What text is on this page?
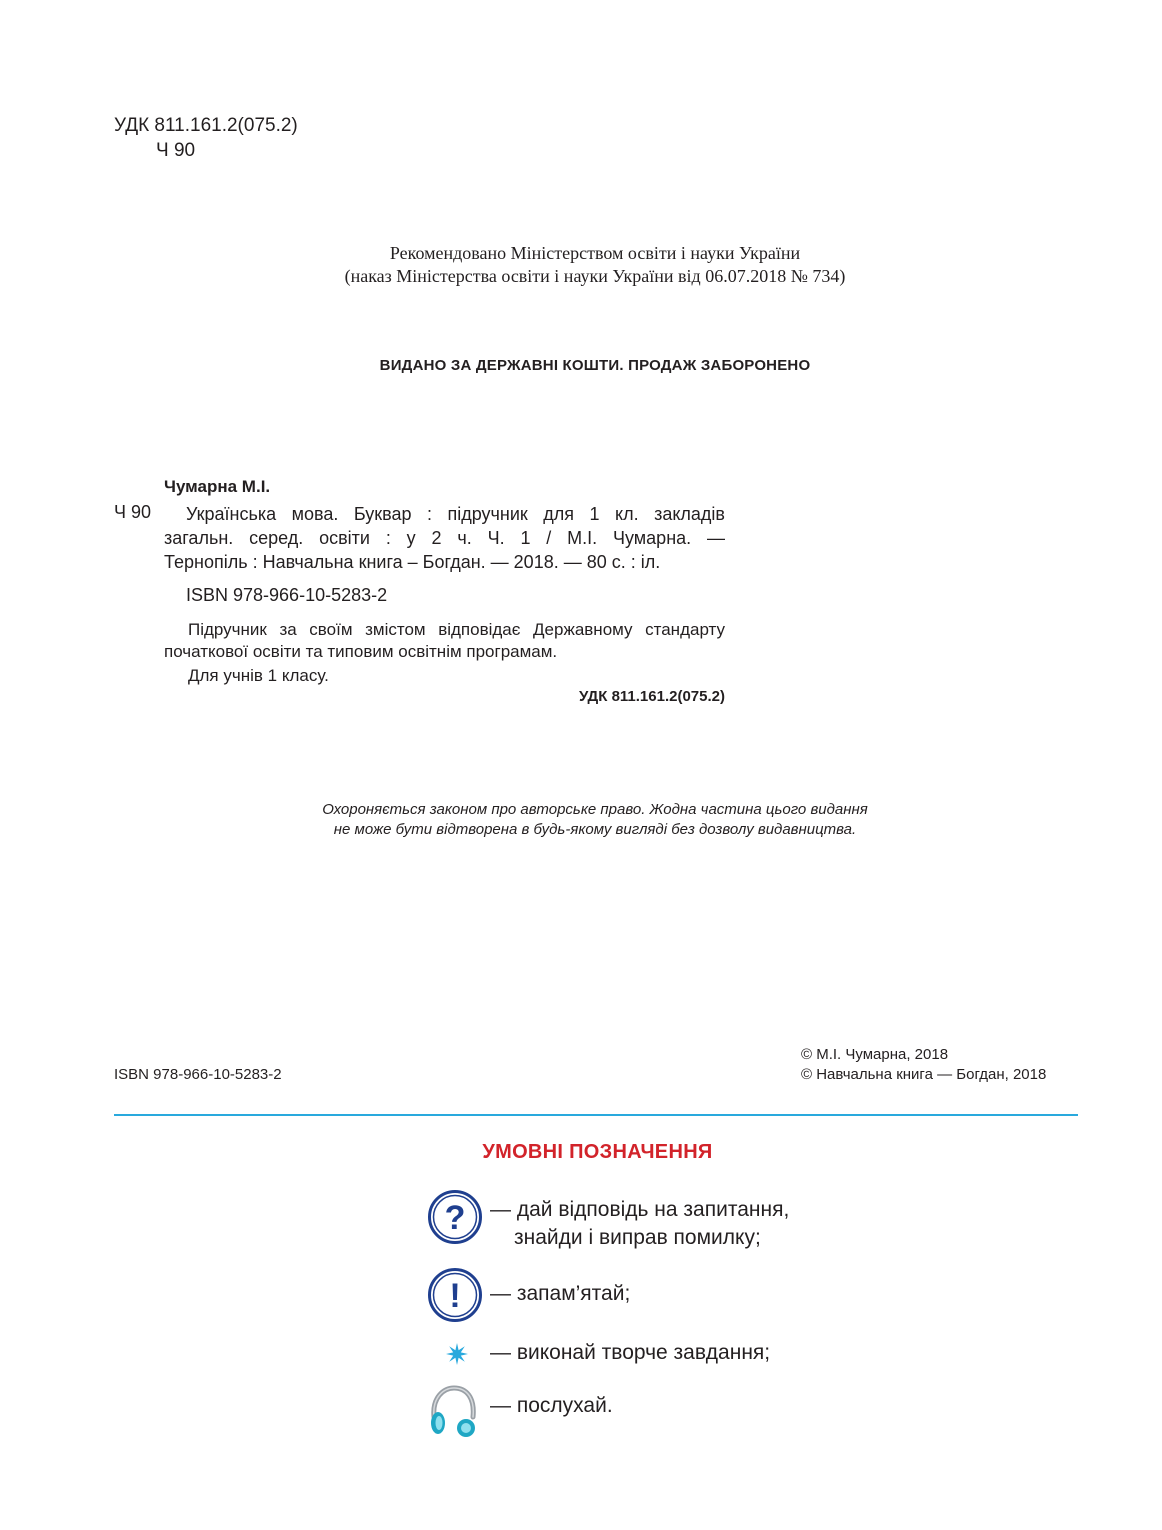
УДК 811.161.2(075.2)
Ч 90
Рекомендовано Міністерством освіти і науки України
(наказ Міністерства освіти і науки України від 06.07.2018 № 734)
ВИДАНО ЗА ДЕРЖАВНІ КОШТИ. ПРОДАЖ ЗАБОРОНЕНО
Чумарна М.І.
Ч 90 Українська мова. Буквар : підручник для 1 кл. закладів
загальн. серед. освіти : у 2 ч. Ч. 1 / М.І. Чумарна. —
Тернопіль : Навчальна книга – Богдан. — 2018. — 80 с. : іл.
ISBN 978-966-10-5283-2
Підручник за своїм змістом відповідає Державному стандарту
початкової освіти та типовим освітнім програмам.
Для учнів 1 класу.
УДК 811.161.2(075.2)
Охороняється законом про авторське право. Жодна частина цього видання
не може бути відтворена в будь-якому вигляді без дозволу видавництва.
© М.І. Чумарна, 2018
© Навчальна книга — Богдан, 2018
ISBN 978-966-10-5283-2
УМОВНІ ПОЗНАЧЕННЯ
?
!
— дай відповідь на запитання,
знайди і виправ помилку;
— запам’ятай;
— виконай творче завдання;
— послухай.
